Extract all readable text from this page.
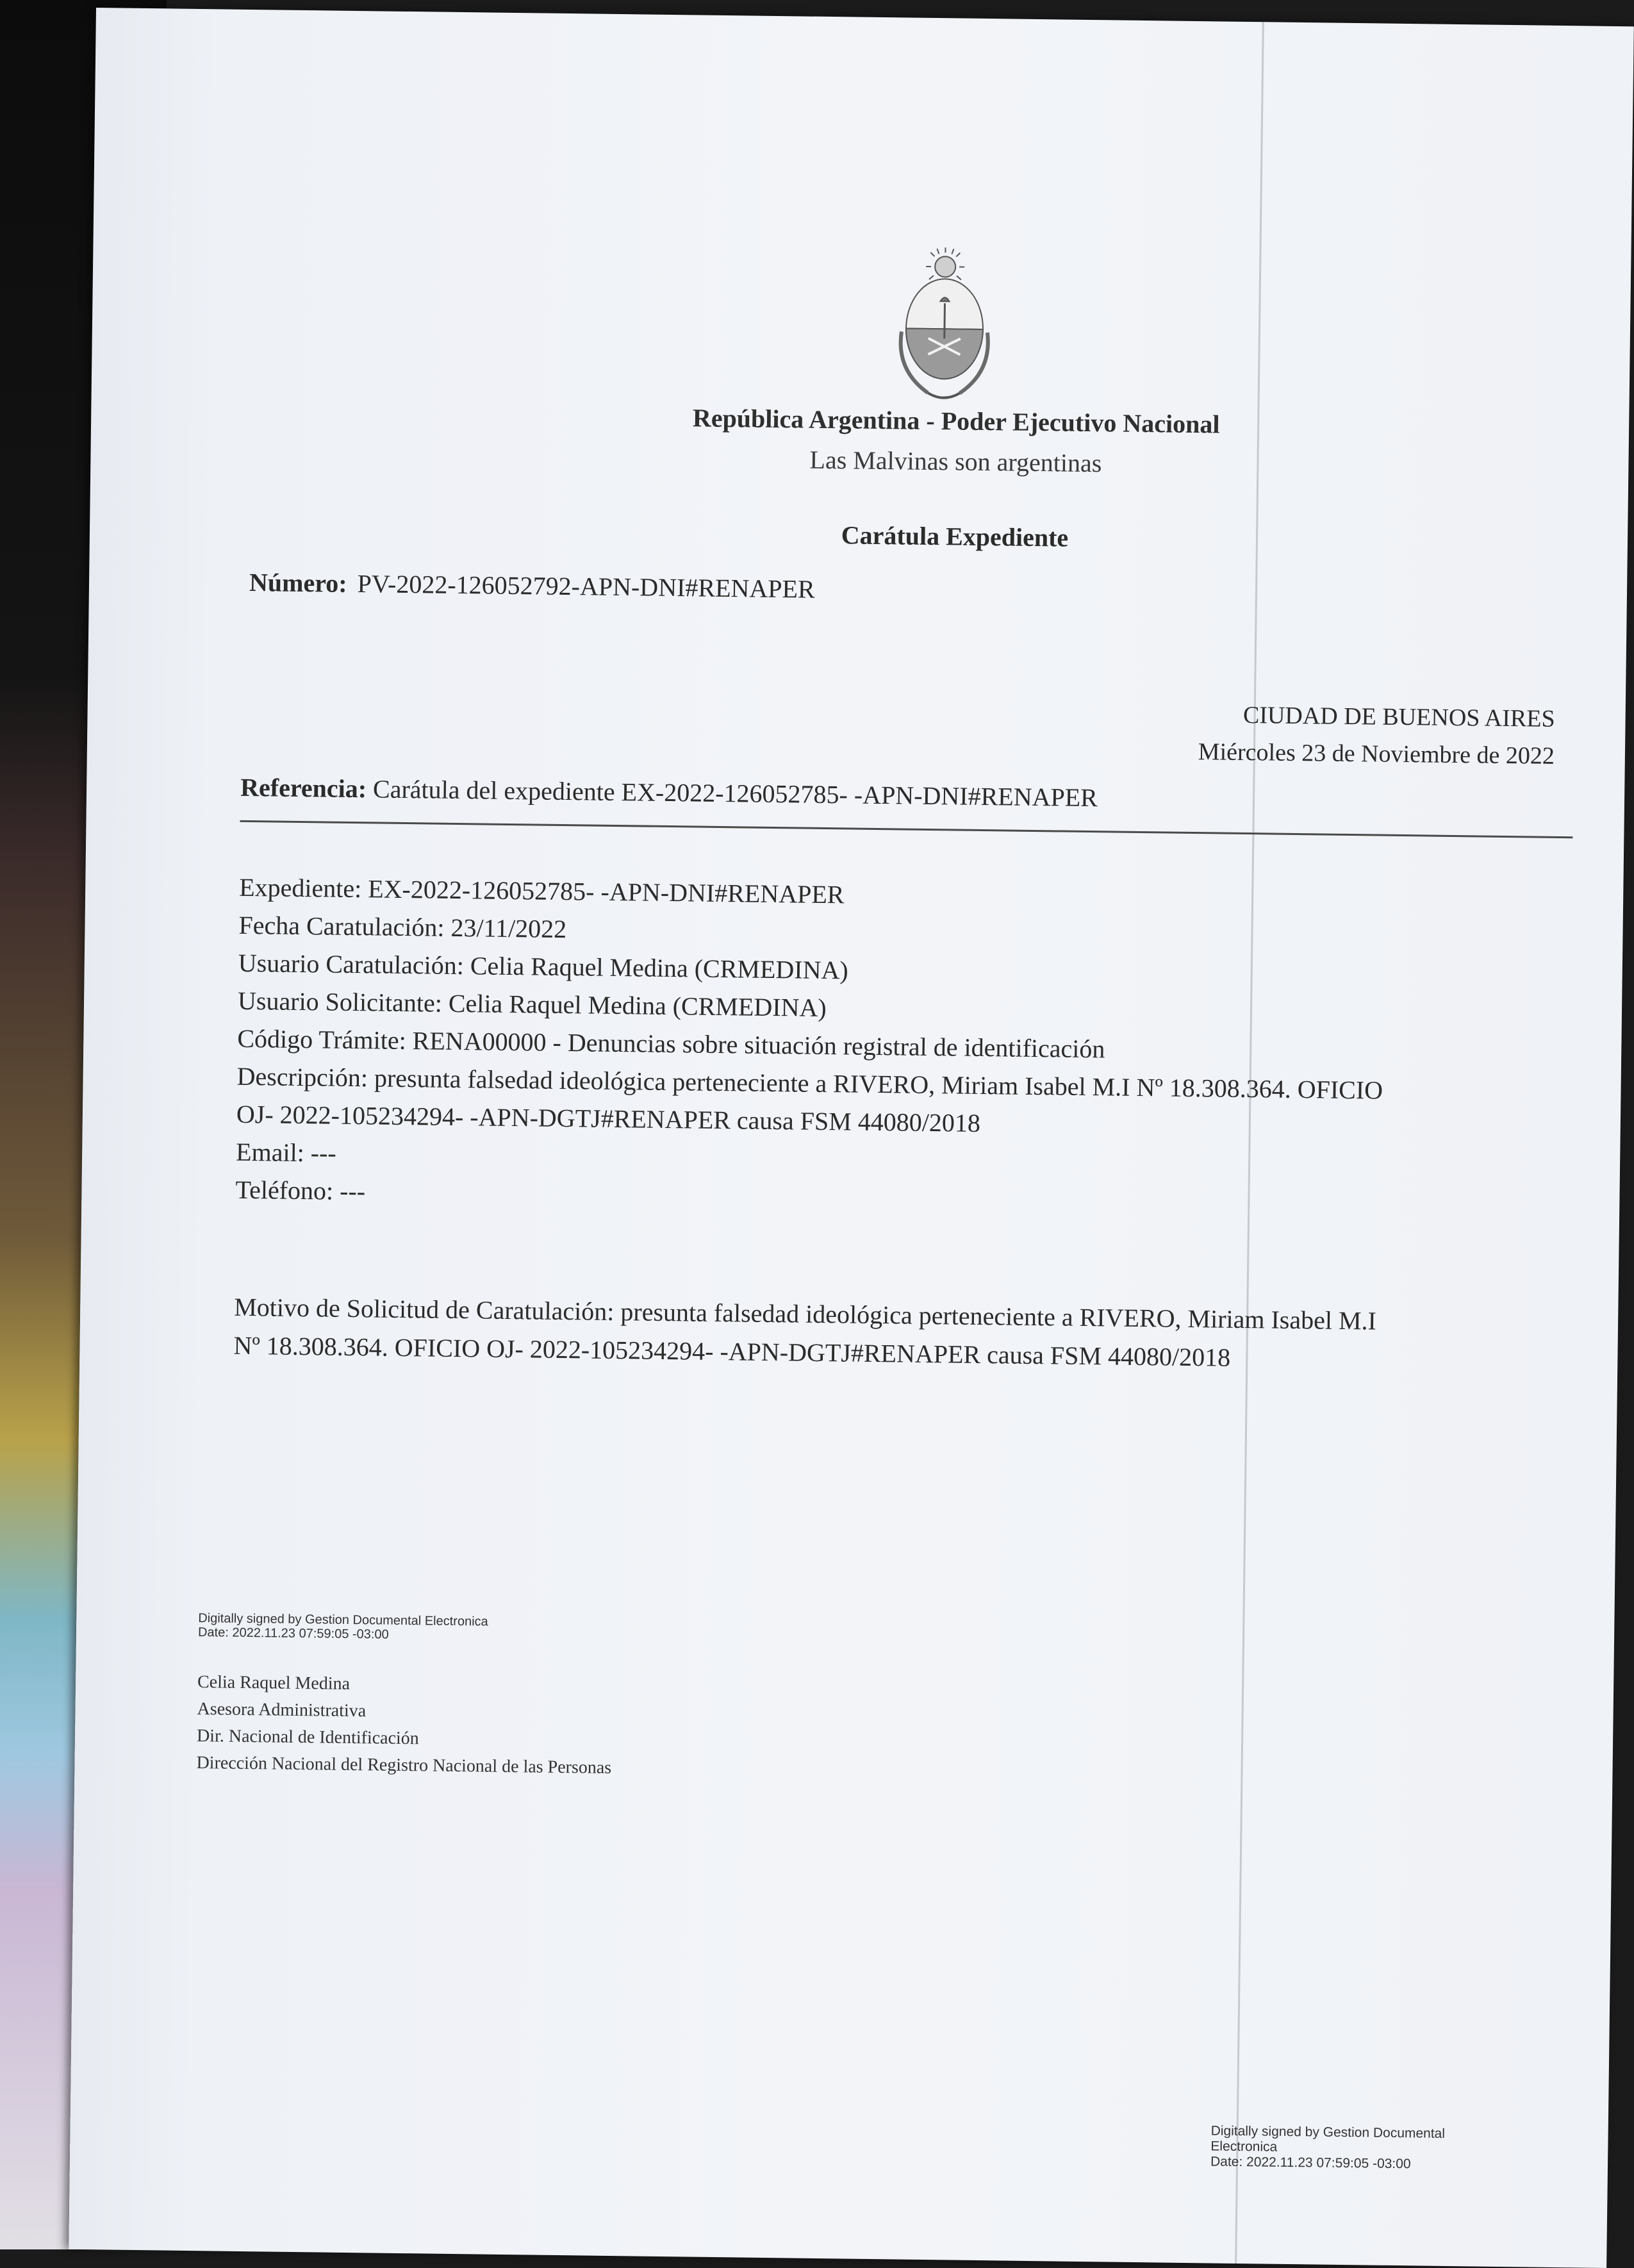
República Argentina - Poder Ejecutivo Nacional
Las Malvinas son argentinas
Carátula Expediente
Número: PV-2022-126052792-APN-DNI#RENAPER
CIUDAD DE BUENOS AIRES
Miércoles 23 de Noviembre de 2022
Referencia: Carátula del expediente EX-2022-126052785- -APN-DNI#RENAPER
Expediente: EX-2022-126052785- -APN-DNI#RENAPER
Fecha Caratulación: 23/11/2022
Usuario Caratulación: Celia Raquel Medina (CRMEDINA)
Usuario Solicitante: Celia Raquel Medina (CRMEDINA)
Código Trámite: RENA00000 - Denuncias sobre situación registral de identificación
Descripción: presunta falsedad ideológica perteneciente a RIVERO, Miriam Isabel M.I Nº 18.308.364. OFICIO
OJ- 2022-105234294- -APN-DGTJ#RENAPER causa FSM 44080/2018
Email: ---
Teléfono: ---
Motivo de Solicitud de Caratulación: presunta falsedad ideológica perteneciente a RIVERO, Miriam Isabel M.I
Nº 18.308.364. OFICIO OJ- 2022-105234294- -APN-DGTJ#RENAPER causa FSM 44080/2018
Digitally signed by Gestion Documental Electronica
Date: 2022.11.23 07:59:05 -03:00
Celia Raquel Medina
Asesora Administrativa
Dir. Nacional de Identificación
Dirección Nacional del Registro Nacional de las Personas
Digitally signed by Gestion Documental
Electronica
Date: 2022.11.23 07:59:05 -03:00
